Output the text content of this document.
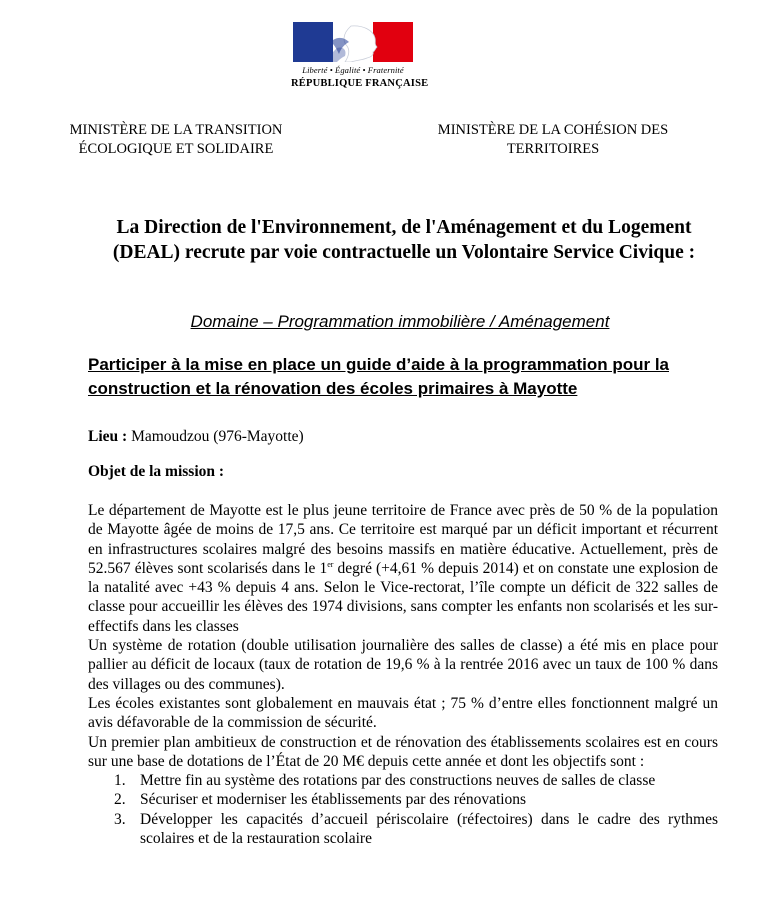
Liberté • Égalité • Fraternité
RÉPUBLIQUE FRANÇAISE
MINISTÈRE DE LA TRANSITION ÉCOLOGIQUE ET SOLIDAIRE
MINISTÈRE DE LA COHÉSION DES TERRITOIRES
La Direction de l'Environnement, de l'Aménagement et du Logement (DEAL) recrute par voie contractuelle un Volontaire Service Civique :
Domaine – Programmation immobilière / Aménagement
Participer à la mise en place un guide d’aide à la programmation pour la construction et la rénovation des écoles primaires à Mayotte
Lieu : Mamoudzou (976-Mayotte)
Objet de la mission :

Le département de Mayotte est le plus jeune territoire de France avec près de 50 % de la population de Mayotte âgée de moins de 17,5 ans. Ce territoire est marqué par un déficit important et récurrent en infrastructures scolaires malgré des besoins massifs en matière éducative. Actuellement, près de 52.567 élèves sont scolarisés dans le 1er degré (+4,61 % depuis 2014) et on constate une explosion de la natalité avec +43 % depuis 4 ans. Selon le Vice-rectorat, l’île compte un déficit de 322 salles de classe pour accueillir les élèves des 1974 divisions, sans compter les enfants non scolarisés et les sur-effectifs dans les classes

Un système de rotation (double utilisation journalière des salles de classe) a été mis en place pour pallier au déficit de locaux (taux de rotation de 19,6 % à la rentrée 2016 avec un taux de 100 % dans des villages ou des communes).

Les écoles existantes sont globalement en mauvais état ; 75 % d’entre elles fonctionnent malgré un avis défavorable de la commission de sécurité.

Un premier plan ambitieux de construction et de rénovation des établissements scolaires est en cours sur une base de dotations de l’État de 20 M€ depuis cette année et dont les objectifs sont :

1. Mettre fin au système des rotations par des constructions neuves de salles de classe
2. Sécuriser et moderniser les établissements par des rénovations
3. Développer les capacités d’accueil périscolaire (réfectoires) dans le cadre des rythmes scolaires et de la restauration scolaire
